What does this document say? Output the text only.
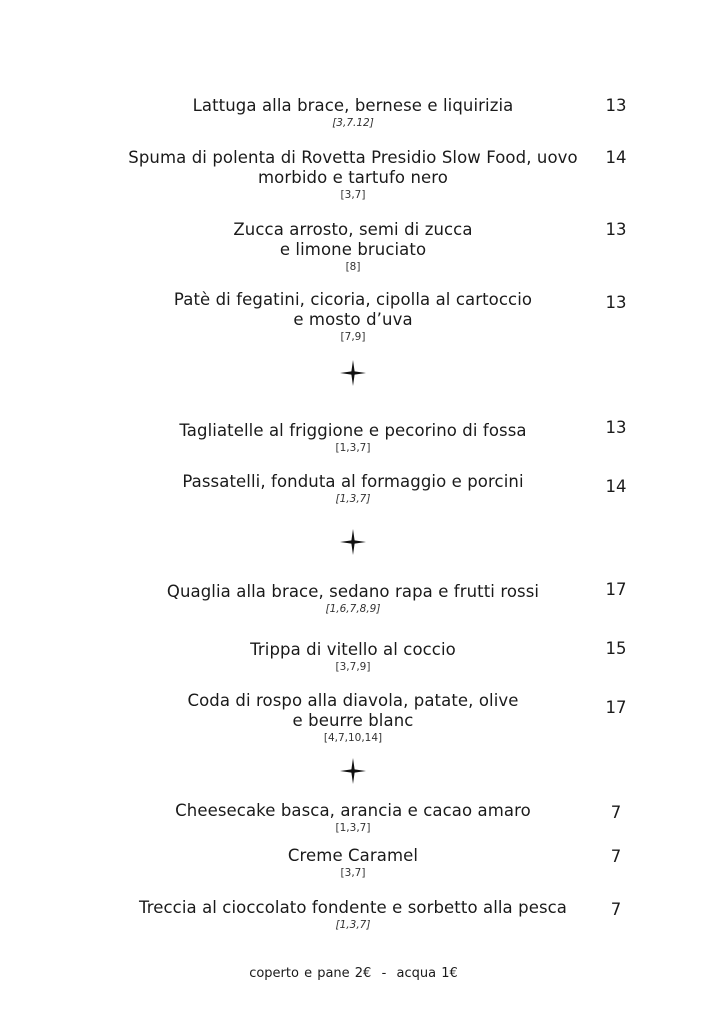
Lattuga alla brace, bernese e liquirizia
[3,7.12]
13
Spuma di polenta di Rovetta Presidio Slow Food, uovo
morbido e tartufo nero
[3,7]
14
Zucca arrosto, semi di zucca
e limone bruciato
[8]
13
Patè di fegatini, cicoria, cipolla al cartoccio
e mosto d’uva
[7,9]
13
Tagliatelle al friggione e pecorino di fossa
[1,3,7]
13
Passatelli, fonduta al formaggio e porcini
[1,3,7]
14
Quaglia alla brace, sedano rapa e frutti rossi
[1,6,7,8,9]
17
Trippa di vitello al coccio
[3,7,9]
15
Coda di rospo alla diavola, patate, olive
e beurre blanc
[4,7,10,14]
17
Cheesecake basca, arancia e cacao amaro
[1,3,7]
7
Creme Caramel
[3,7]
7
Treccia al cioccolato fondente e sorbetto alla pesca
[1,3,7]
7
coperto e pane 2€  -  acqua 1€
